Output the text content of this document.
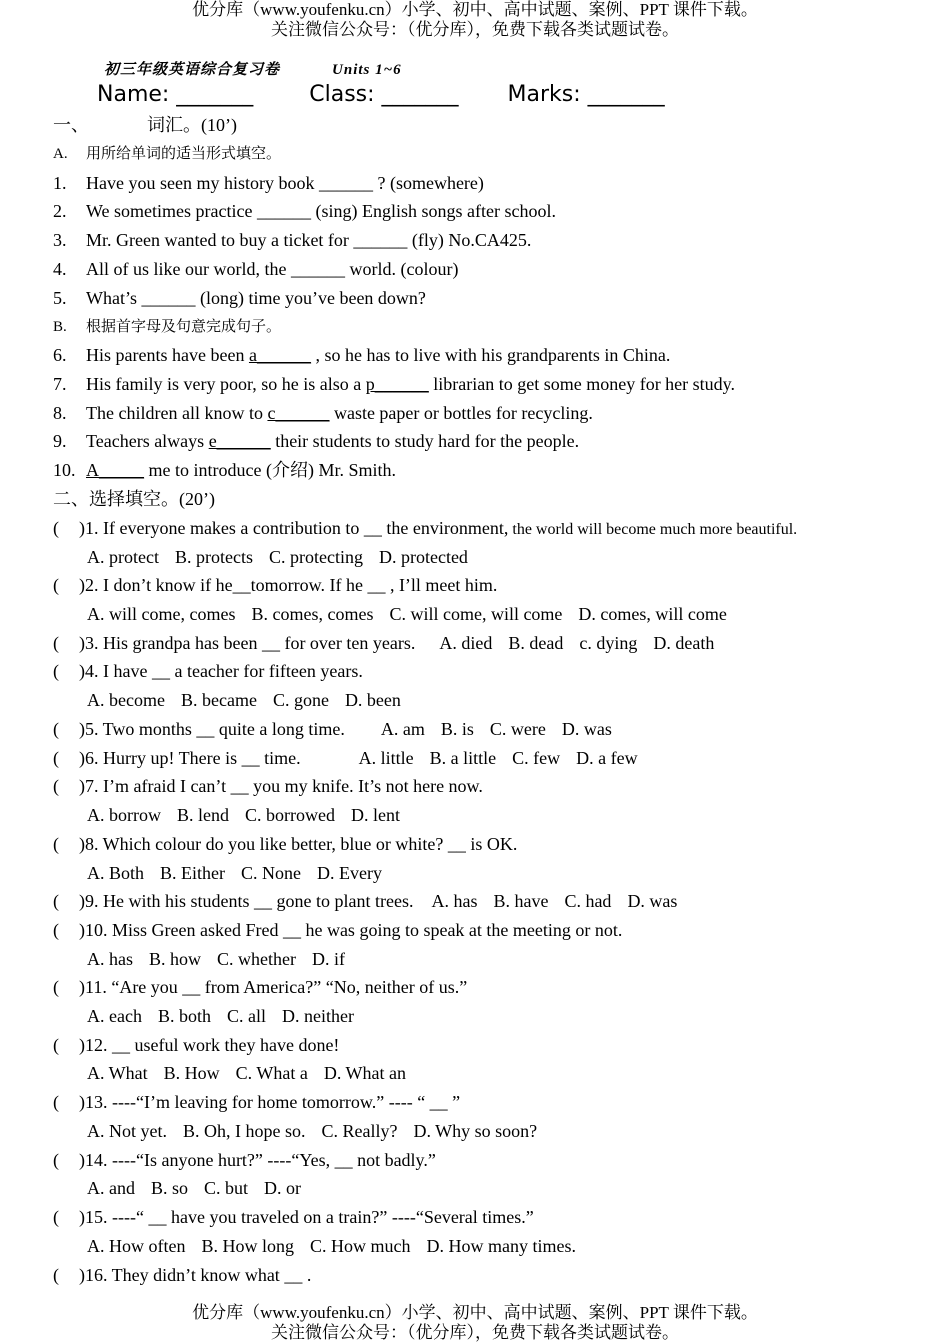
优分库（www.youfenku.cn）小学、初中、高中试题、案例、PPT 课件下载。
关注微信公众号：（优分库），免费下载各类试题试卷。
初三年级英语综合复习卷	Units 1~6
Name: _______        Class: _______       Marks: _______
一、	词汇。(10’)
A. 用所给单词的适当形式填空。
1. Have you seen my history book ______ ? (somewhere)
2. We sometimes practice ______ (sing) English songs after school.
3. Mr. Green wanted to buy a ticket for ______ (fly) No.CA425.
4. All of us like our world, the ______ world. (colour)
5. What’s ______ (long) time you’ve been down?
B. 根据首字母及句意完成句子。
6. His parents have been a______ , so he has to live with his grandparents in China.
7. His family is very poor, so he is also a p______ librarian to get some money for her study.
8. The children all know to c______ waste paper or bottles for recycling.
9. Teachers always e______ their students to study hard for the people.
10. A_____ me to introduce (介绍) Mr. Smith.
二、选择填空。(20’)
( )1. If everyone makes a contribution to __ the environment, the world will become much more beautiful.
A. protect B. protects C. protecting D. protected
( )2. I don’t know if he__tomorrow. If he __ , I’ll meet him.
A. will come, comes B. comes, comes C. will come, will come D. comes, will come
( )3. His grandpa has been __ for over ten years. A. died B. dead c. dying D. death
( )4. I have __ a teacher for fifteen years.
A. become B. became C. gone D. been
( )5. Two months __ quite a long time. A. am B. is C. were D. was
( )6. Hurry up! There is __ time.	A. little B. a little C. few D. a few
( )7. I’m afraid I can’t __ you my knife. It’s not here now.
A. borrow B. lend C. borrowed D. lent
( )8. Which colour do you like better, blue or white? __ is OK.
A. Both B. Either C. None D. Every
( )9. He with his students __ gone to plant trees. A. has B. have C. had D. was
( )10. Miss Green asked Fred __ he was going to speak at the meeting or not.
A. has B. how C. whether D. if
( )11. “Are you __ from America?” “No, neither of us.”
A. each B. both C. all D. neither
( )12. __ useful work they have done!
A. What B. How C. What a D. What an
( )13. ----“I’m leaving for home tomorrow.” ---- “ __ ”
A. Not yet. B. Oh, I hope so. C. Really? D. Why so soon?
( )14. ----“Is anyone hurt?” ----“Yes, __ not badly.”
A. and B. so C. but D. or
( )15. ----“ __ have you traveled on a train?” ----“Several times.”
A. How often B. How long C. How much D. How many times.
( )16. They didn’t know what __ .
优分库（www.youfenku.cn）小学、初中、高中试题、案例、PPT 课件下载。
关注微信公众号：（优分库），免费下载各类试题试卷。
